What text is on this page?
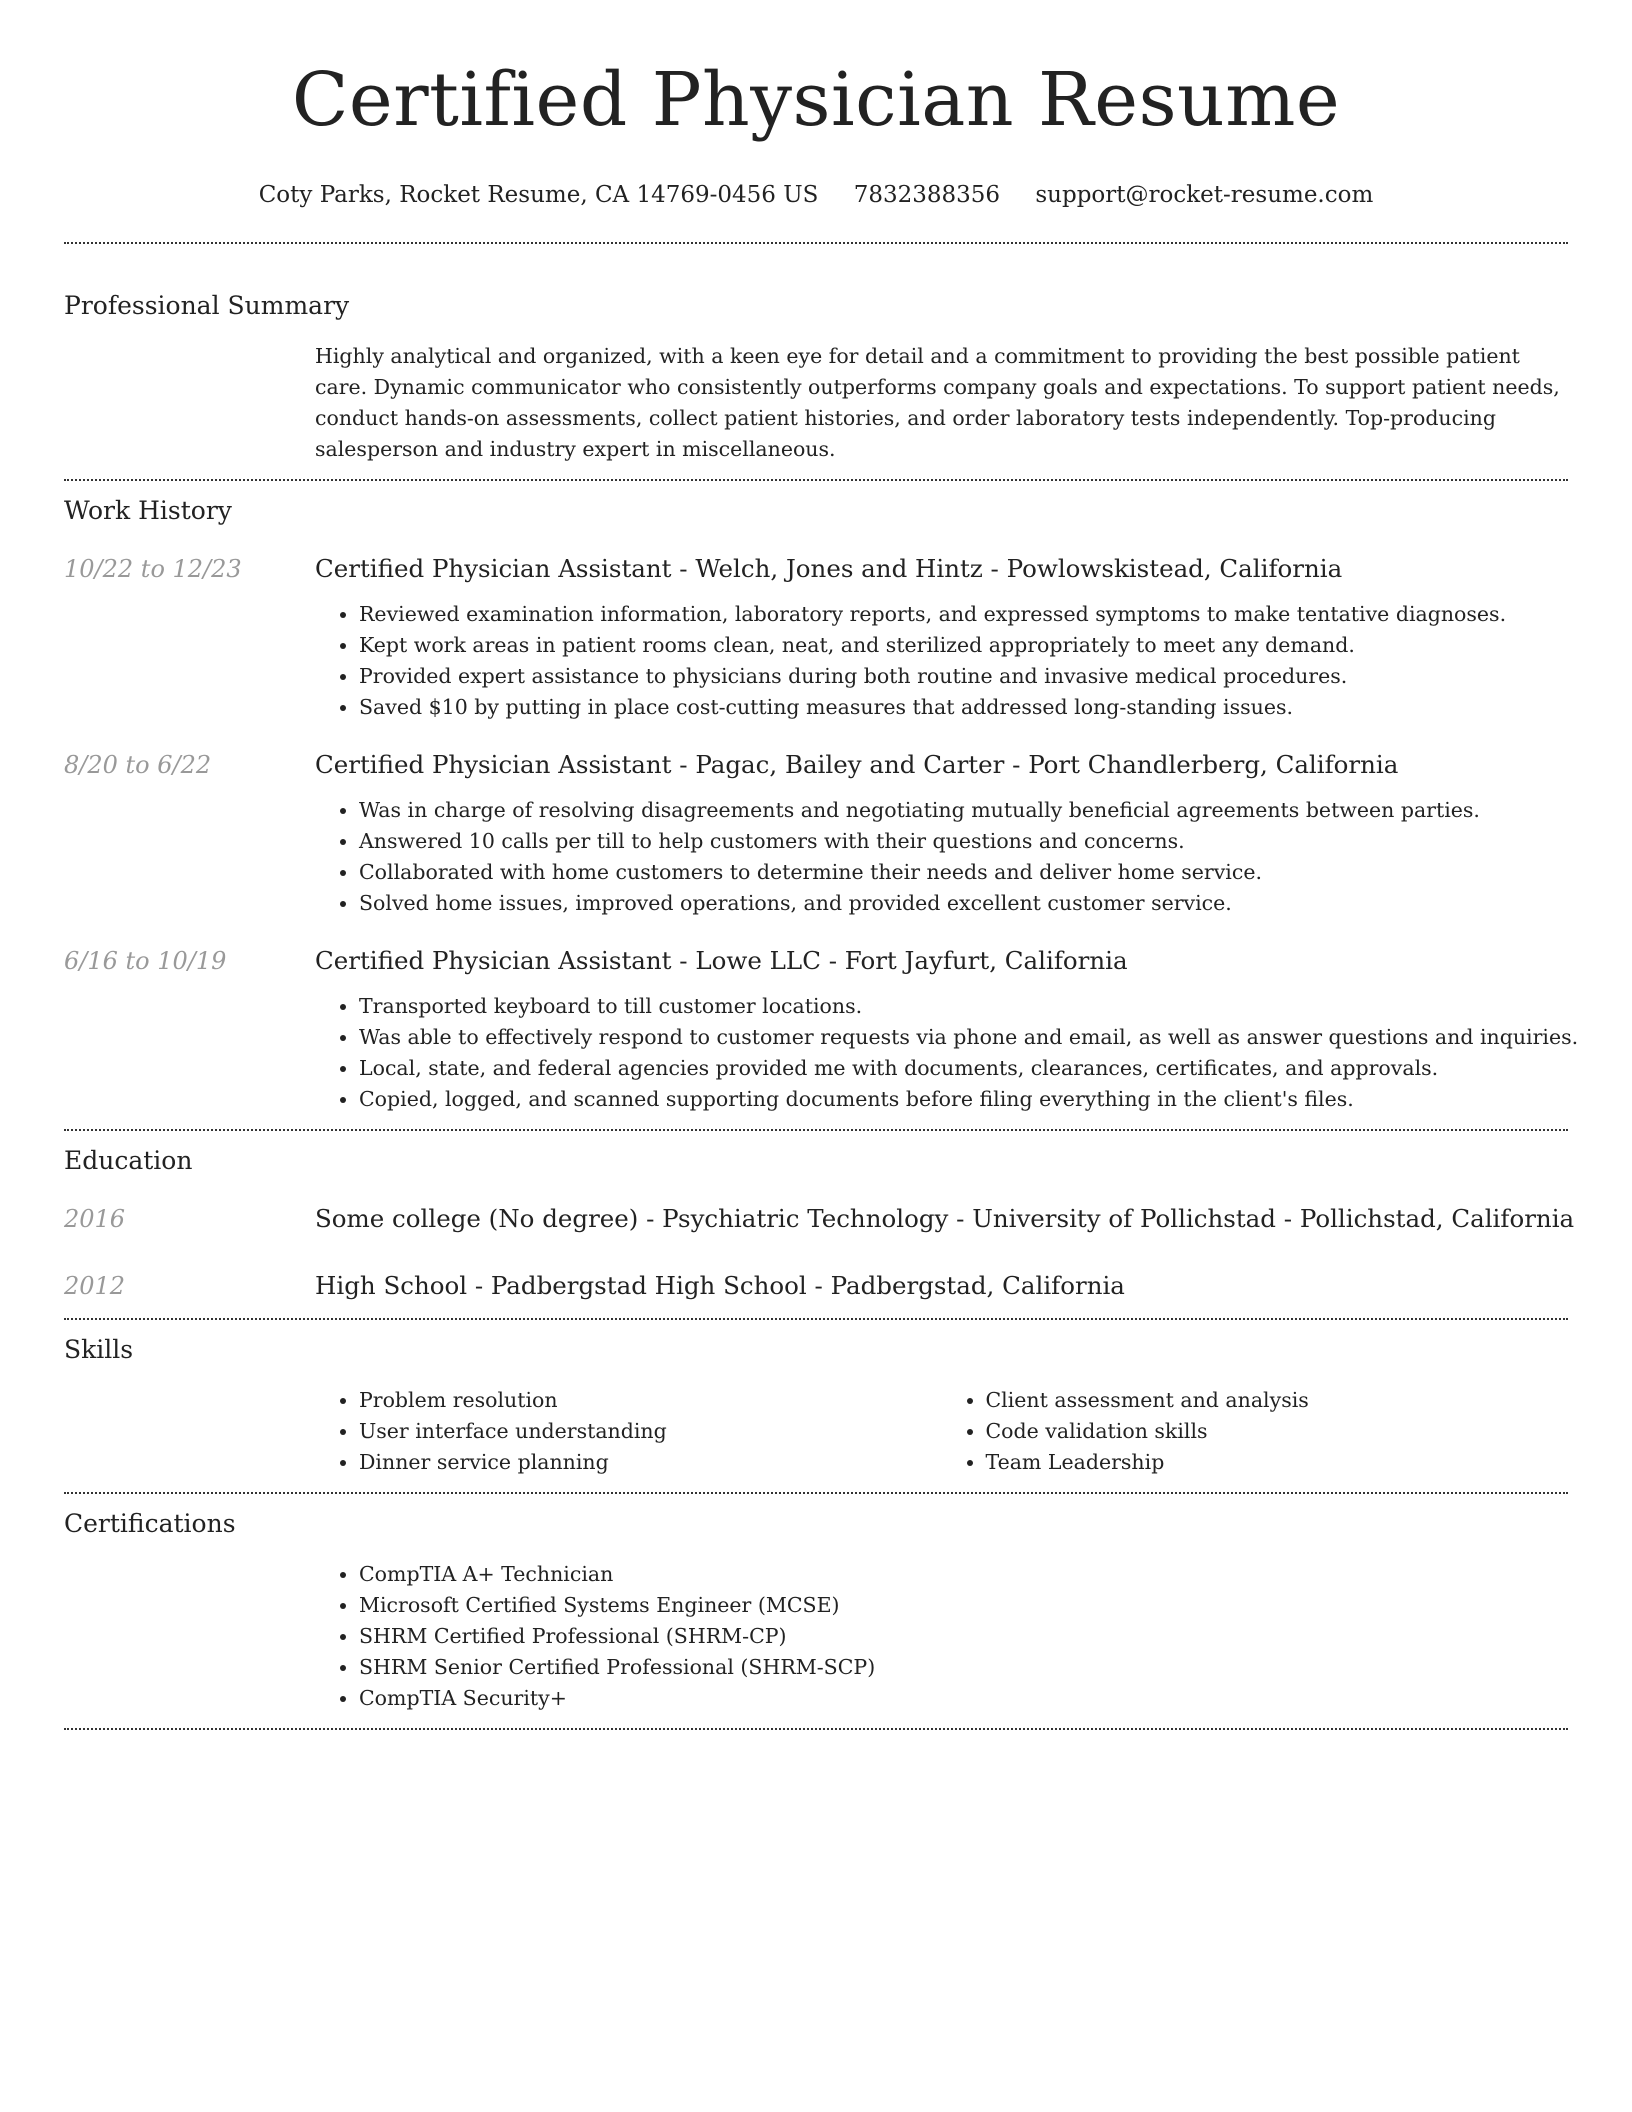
Certified Physician Resume
Coty Parks, Rocket Resume, CA 14769-0456 US 7832388356 support@rocket-resume.com
Professional Summary

Highly analytical and organized, with a keen eye for detail and a commitment to providing the best possible patient care. Dynamic communicator who consistently outperforms company goals and expectations. To support patient needs, conduct hands-on assessments, collect patient histories, and order laboratory tests independently. Top-producing salesperson and industry expert in miscellaneous.

Work History
10/22 to 12/23	Certified Physician Assistant - Welch, Jones and Hintz - Powlowskistead, California
• Reviewed examination information, laboratory reports, and expressed symptoms to make tentative diagnoses.
• Kept work areas in patient rooms clean, neat, and sterilized appropriately to meet any demand.
• Provided expert assistance to physicians during both routine and invasive medical procedures.
• Saved $10 by putting in place cost-cutting measures that addressed long-standing issues.
8/20 to 6/22	Certified Physician Assistant - Pagac, Bailey and Carter - Port Chandlerberg, California
• Was in charge of resolving disagreements and negotiating mutually beneficial agreements between parties.
• Answered 10 calls per till to help customers with their questions and concerns.
• Collaborated with home customers to determine their needs and deliver home service.
• Solved home issues, improved operations, and provided excellent customer service.
6/16 to 10/19	Certified Physician Assistant - Lowe LLC - Fort Jayfurt, California
• Transported keyboard to till customer locations.
• Was able to effectively respond to customer requests via phone and email, as well as answer questions and inquiries.
• Local, state, and federal agencies provided me with documents, clearances, certificates, and approvals.
• Copied, logged, and scanned supporting documents before filing everything in the client's files.
Education
2016	Some college (No degree) - Psychiatric Technology - University of Pollichstad - Pollichstad, California
2012	High School - Padbergstad High School - Padbergstad, California
Skills
• Problem resolution
• User interface understanding
• Dinner service planning
• Client assessment and analysis
• Code validation skills
• Team Leadership
Certifications
• CompTIA A+ Technician
• Microsoft Certified Systems Engineer (MCSE)
• SHRM Certified Professional (SHRM-CP)
• SHRM Senior Certified Professional (SHRM-SCP)
• CompTIA Security+
